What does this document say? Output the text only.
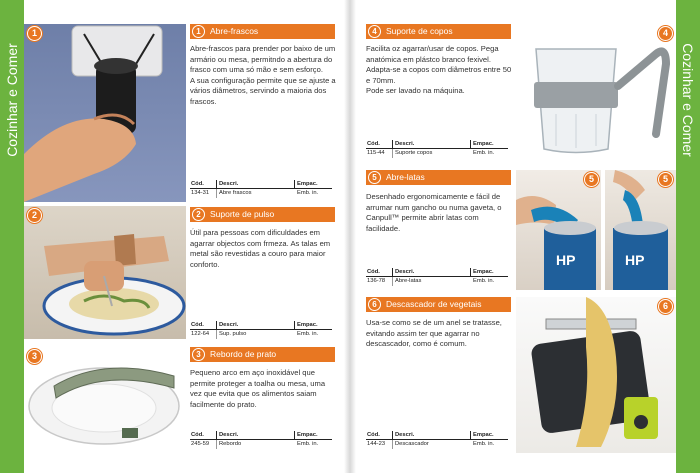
Cozinhar e Comer	Cozinhar e Comer
1	1	Abre-frascos
Abre-frascos para prender por baixo de um armário ou mesa, permitndo a abertura do frasco com uma só mão e sem esforço.
A sua configuração permite que se ajuste a vários diâmetros, servindo a maioria dos frascos.
Cód.	Descri.	Empac.
134-31	Abre frascos	Emb. in.
2	2	Suporte de pulso
Útil para pessoas com dificuldades em agarrar objectos com frmeza. As talas em metal são revestidas a couro para maior conforto.
Cód.	Descri.	Empac.
122-64	Sup. pulso	Emb. in.
3	3	Rebordo de prato
Pequeno arco em aço inoxidável que permite proteger a toalha ou mesa, uma vez que evita que os alimentos saiam facilmente do prato.
Cód.	Descri.	Empac.
245-59	Rebordo	Emb. in.
4	Suporte de copos
Facilita oz agarrar/usar de copos. Pega anatómica em plástco branco fexivel. Adapta-se a copos com diâmetros entre 50 e 70mm.
Pode ser lavado na máquina.
Cód.	Descri.	Empac.
115-44	Suporte copos	Emb. in.
4
5	Abre-latas
Desenhado ergonomicamente e fácil de arrumar num gancho ou numa gaveta, o Canpull™ permite abrir latas com facilidade.
Cód.	Descri.	Empac.
136-78	Abre-latas	Emb. in.
HP
5
HP
5
6	Descascador de vegetais
Usa-se como se de um anel se tratasse, evitando assim ter que agarrar no descascador, como é comum.
Cód.	Descri.	Empac.
144-23	Descascador	Emb. in.
6
